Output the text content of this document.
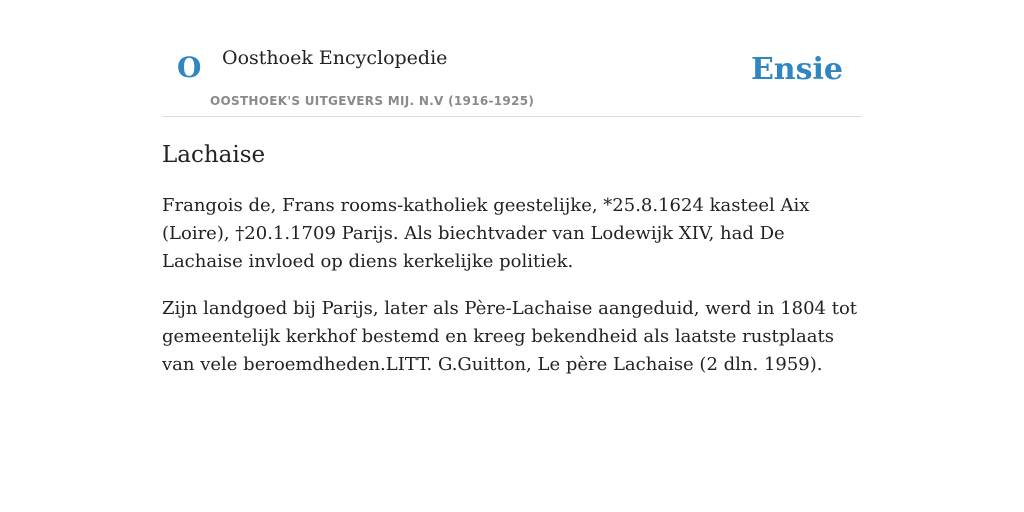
O Oosthoek Encyclopedie
OOSTHOEK'S UITGEVERS MIJ. N.V (1916-1925)
Ensie
Lachaise

Frangois de, Frans rooms-katholiek geestelijke, *25.8.1624 kasteel Aix (Loire), †20.1.1709 Parijs. Als biechtvader van Lodewijk XIV, had De Lachaise invloed op diens kerkelijke politiek.

Zijn landgoed bij Parijs, later als Père-Lachaise aangeduid, werd in 1804 tot gemeentelijk kerkhof bestemd en kreeg bekendheid als laatste rustplaats van vele beroemdheden.LITT. G.Guitton, Le père Lachaise (2 dln. 1959).
